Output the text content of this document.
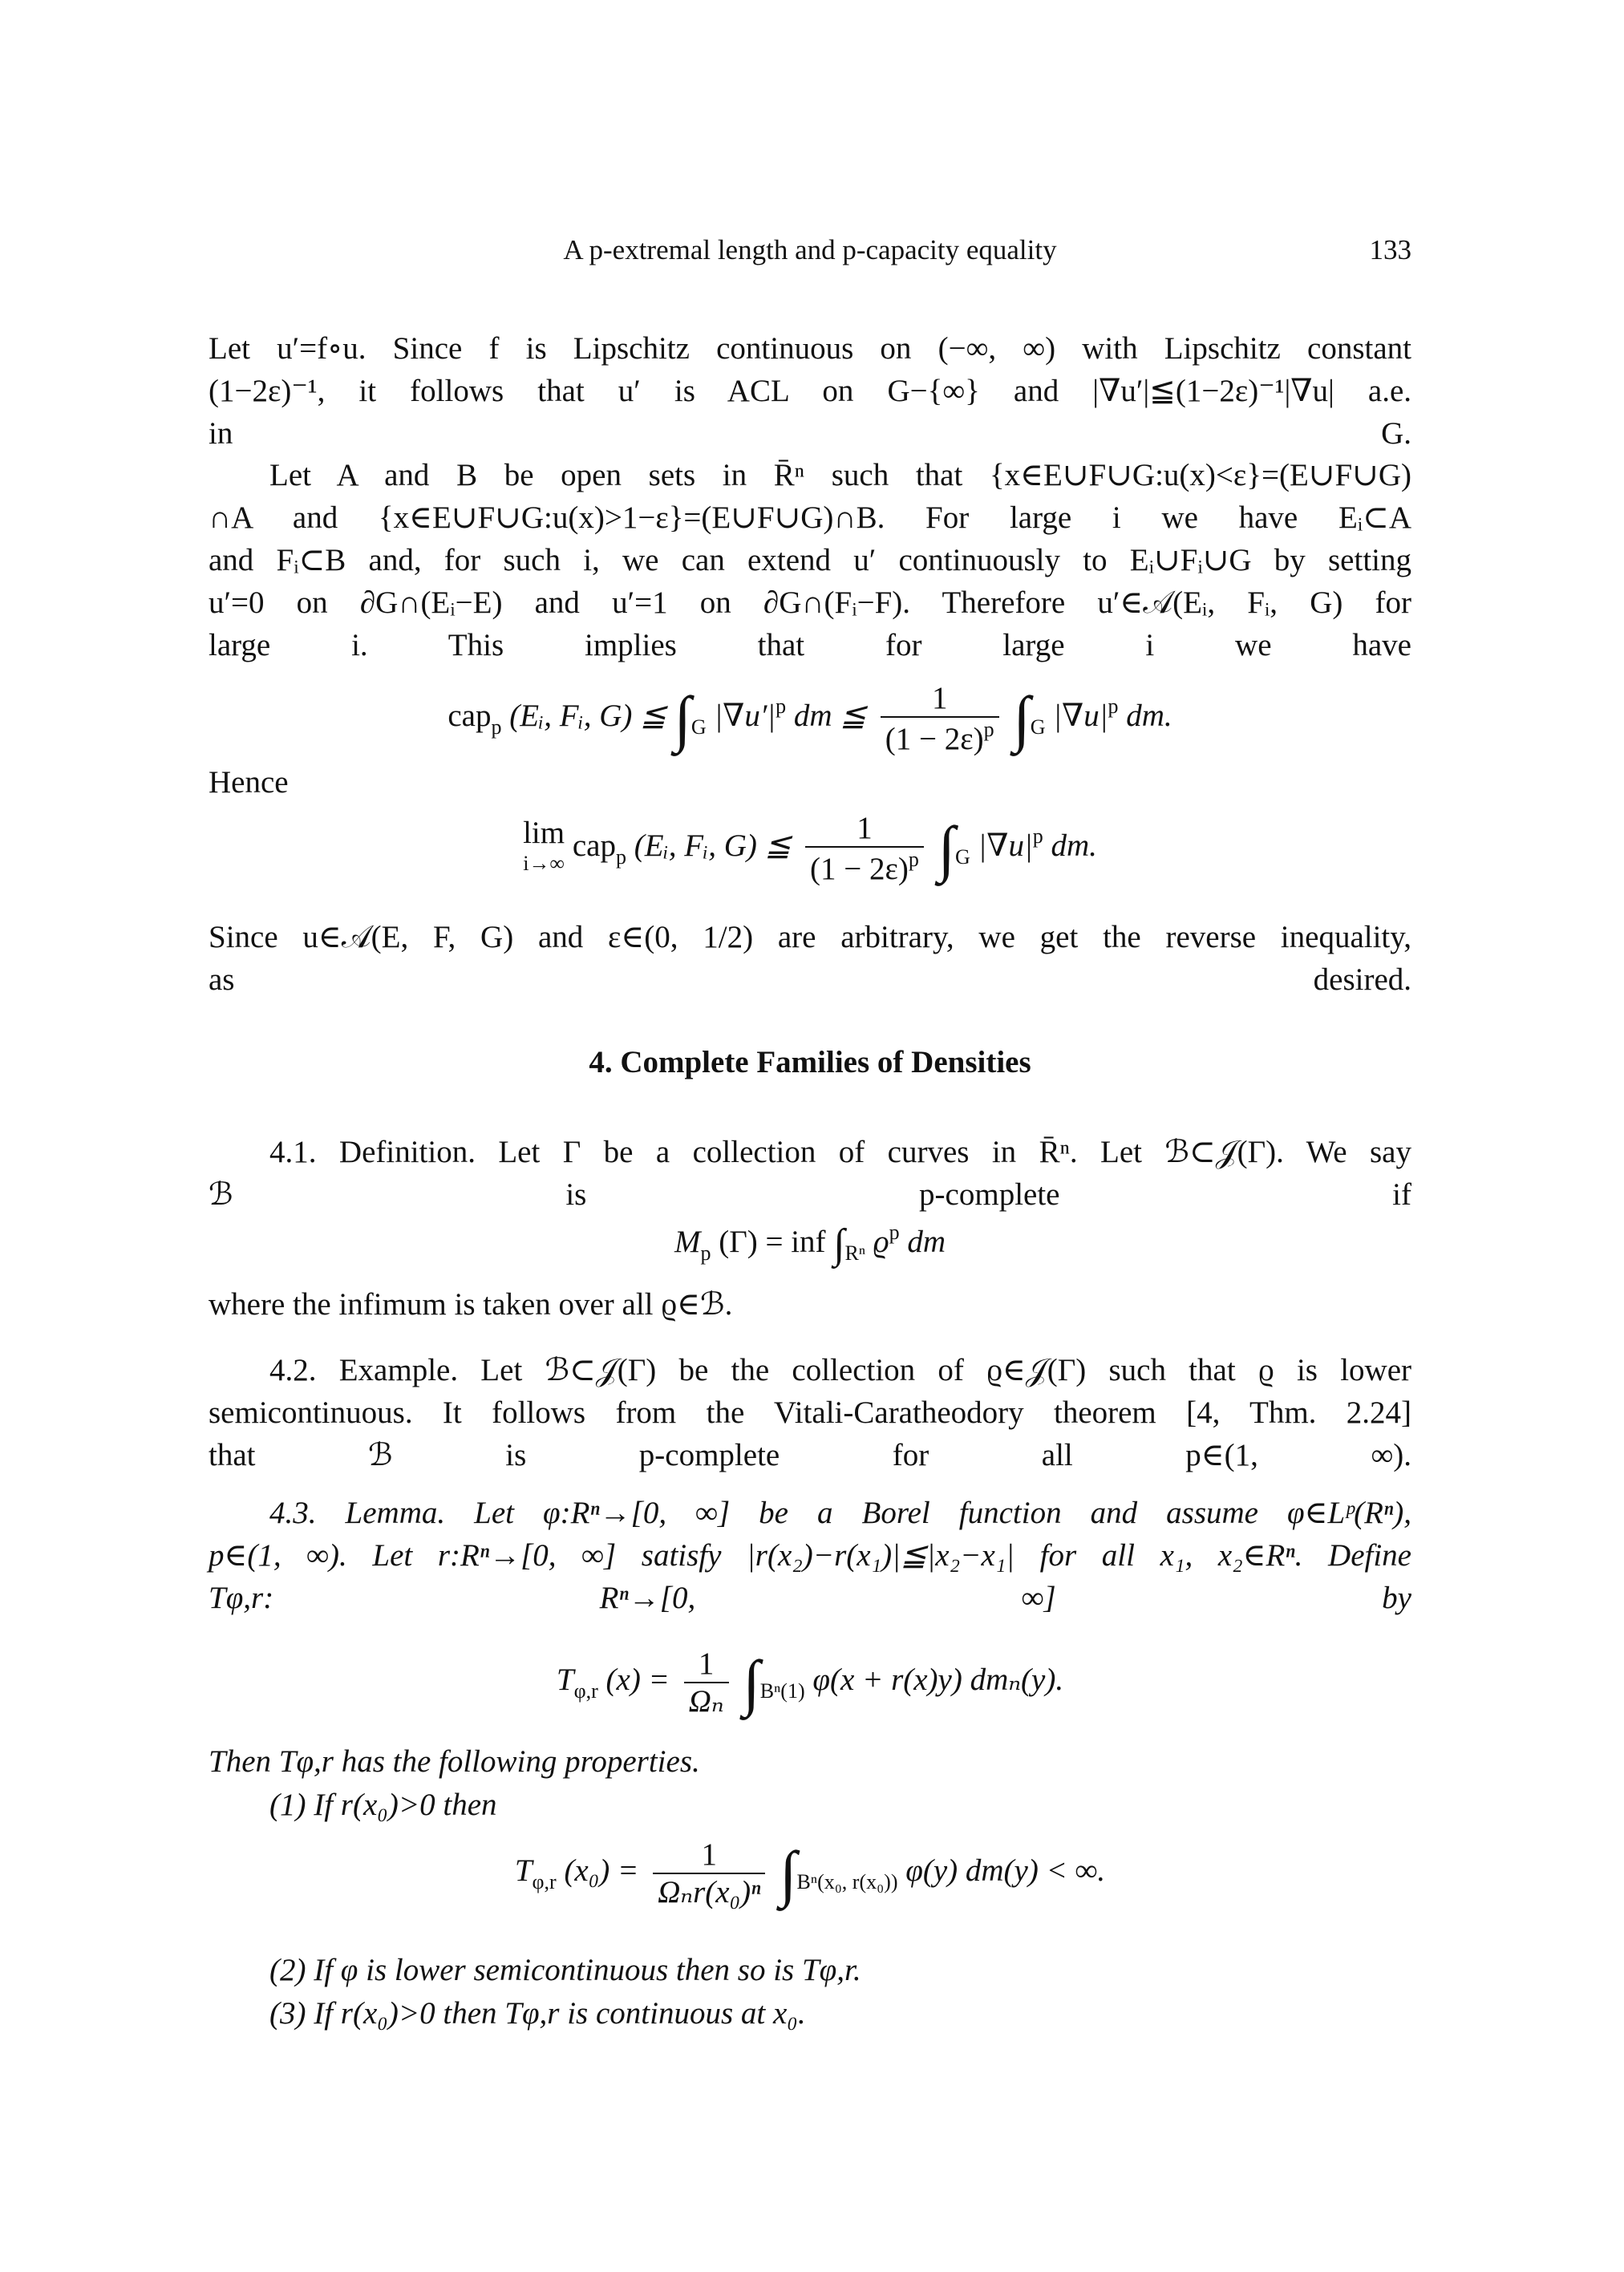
A p-extremal length and p-capacity equality	133
Let u′=f∘u. Since f is Lipschitz continuous on (−∞, ∞) with Lipschitz constant
(1−2ε)⁻¹, it follows that u′ is ACL on G−{∞} and |∇u′|≦(1−2ε)⁻¹|∇u| a.e.
in G.
Let A and B be open sets in R̄ⁿ such that {x∈E∪F∪G:u(x)<ε}=(E∪F∪G)
∩A and {x∈E∪F∪G:u(x)>1−ε}=(E∪F∪G)∩B. For large i we have Eᵢ⊂A
and Fᵢ⊂B and, for such i, we can extend u′ continuously to Eᵢ∪Fᵢ∪G by setting
u′=0 on ∂G∩(Eᵢ−E) and u′=1 on ∂G∩(Fᵢ−F). Therefore u′∈𝒜(Eᵢ, Fᵢ, G) for
large i. This implies that for large i we have
cap$_p$ (Eᵢ, Fᵢ, G) ≦ $\int_G$ $|\nabla u'|^p$ dm ≦ $\frac{1}{(1 - 2\varepsilon)^p} \int_G$ $|\nabla u|^p$ dm.
Hence
lim
i→∞
cap$_p$ (Eᵢ, Fᵢ, G) ≦ $\frac{1}{(1 - 2\varepsilon)^p} \int_G$ $|\nabla u|^p$ dm.
Since u∈𝒜(E, F, G) and ε∈(0, 1/2) are arbitrary, we get the reverse inequality,
as desired.
4. Complete Families of Densities
4.1. Definition. Let Γ be a collection of curves in R̄ⁿ. Let ℬ⊂𝒥(Γ). We say
ℬ is p-complete if
$M_p$ (Γ) = inf $\int_{R^n}$ $ϱ^p$ dm
where the infimum is taken over all ϱ∈ℬ.
4.2. Example. Let ℬ⊂𝒥(Γ) be the collection of ϱ∈𝒥(Γ) such that ϱ is lower
semicontinuous. It follows from the Vitali-Caratheodory theorem [4, Thm. 2.24]
that ℬ is p-complete for all p∈(1, ∞).
4.3. Lemma. Let φ:Rⁿ→[0, ∞] be a Borel function and assume φ∈Lᵖ(Rⁿ),
p∈(1, ∞). Let r:Rⁿ→[0, ∞] satisfy |r(x₂)−r(x₁)|≦|x₂−x₁| for all x₁, x₂∈Rⁿ. Define
Tφ,r: Rⁿ→[0, ∞] by
$T_{\varphi,r}$ $(x) = \frac{1}{\text{Ωₙ}} \int_{B^n(1)}$ φ(x + r(x)y) dmₙ(y).
Then Tφ,r has the following properties.
(1) If r(x₀)>0 then
$T_{\varphi,r}$ $(x_0) = \frac{1}{\text{Ωₙr(x₀)ⁿ}} \int_{B^n(x_0, r(x_0))}$ φ(y) dm(y) < ∞.
(2) If φ is lower semicontinuous then so is Tφ,r.
(3) If r(x₀)>0 then Tφ,r is continuous at x₀.
